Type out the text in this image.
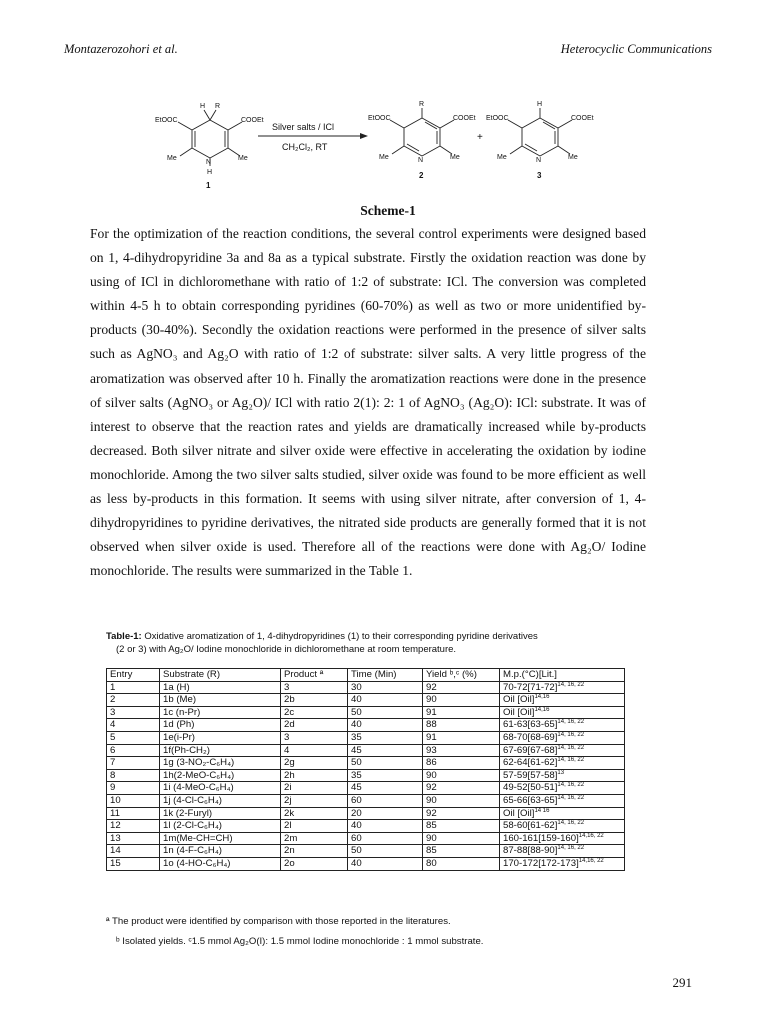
Montazerozohori et al.	Heterocyclic Communications
EtOOC	COOEt
Me	Me
N
H
H R
1
Silver salts / ICl
CH₂Cl₂, RT
EtOOC	COOEt
Me	Me
N
R
2
+
EtOOC	COOEt
Me	Me
N
H
3
Scheme-1

For the optimization of the reaction conditions, the several control experiments were designed based on 1, 4-dihydropyridine 3a and 8a as a typical substrate. Firstly the oxidation reaction was done by using of ICl in dichloromethane with ratio of 1:2 of substrate: ICl. The conversion was completed within 4-5 h to obtain corresponding pyridines (60-70%) as well as two or more unidentified by-products (30-40%). Secondly the oxidation reactions were performed in the presence of silver salts such as AgNO₃ and Ag₂O with ratio of 1:2 of substrate: silver salts. A very little progress of the aromatization was observed after 10 h. Finally the aromatization reactions were done in the presence of silver salts (AgNO₃ or Ag₂O)/ ICl with ratio 2(1): 2: 1 of AgNO₃ (Ag₂O): ICl: substrate. It was of interest to observe that the reaction rates and yields are dramatically increased while by-products decreased. Both silver nitrate and silver oxide were effective in accelerating the oxidation by iodine monochloride. Among the two silver salts studied, silver oxide was found to be more efficient as well as less by-products in this formation. It seems with using silver nitrate, after conversion of 1, 4- dihydropyridines to pyridine derivatives, the nitrated side products are generally formed that it is not observed when silver oxide is used. Therefore all of the reactions were done with Ag₂O/ Iodine monochloride. The results were summarized in the Table 1.

Table-1: Oxidative aromatization of 1, 4-dihydropyridines (1) to their corresponding pyridine derivatives
(2 or 3) with Ag₂O/ Iodine monochloride in dichloromethane at room temperature.
Entry	Substrate (R)	Product ª	Time (Min)	Yield ᵇ,ᶜ (%)	M.p.(°C)[Lit.]
1	1a (H)	3	30	92	$70-72[71-72]^{14, 16, 22}$
2	1b (Me)	2b	40	90	Oil [Oil]$^{14,16}$
3	1c (n-Pr)	2c	50	91	Oil [Oil]$^{14,16}$
4	1d (Ph)	2d	40	88	$61-63[63-65]^{14, 16, 22}$
5	1e(i-Pr)	3	35	91	$68-70[68-69]^{14, 16, 22}$
6	1f(Ph-CH₂)	4	45	93	$67-69[67-68]^{14, 16, 22}$
7	1g (3-NO₂-C₆H₄)	2g	50	86	$62-64[61-62]^{14, 16, 22}$
8	1h(2-MeO-C₆H₄)	2h	35	90	$57-59[57-58]^{13}$
9	1i (4-MeO-C₆H₄)	2i	45	92	$49-52[50-51]^{14, 16, 22}$
10	1j (4-Cl-C₆H₄)	2j	60	90	$65-66[63-65]^{14, 16, 22}$
11	1k (2-Furyl)	2k	20	92	Oil [Oil]$^{14 16}$
12	1l (2-Cl-C₆H₄)	2l	40	85	$58-60[61-62]^{14, 16, 22}$
13	1m(Me-CH=CH)	2m	60	90	$160-161[159-160]^{14,16, 22}$
14	1n (4-F-C₆H₄)	2n	50	85	$87-88[88-90]^{14, 16, 22}$
15	1o (4-HO-C₆H₄)	2o	40	80	$170-172[172-173]^{14,16, 22}$
ª The product were identified by comparison with those reported in the literatures.
ᵇ Isolated yields. ᶜ1.5 mmol Ag₂O(I): 1.5 mmol Iodine monochloride : 1 mmol substrate.
291
